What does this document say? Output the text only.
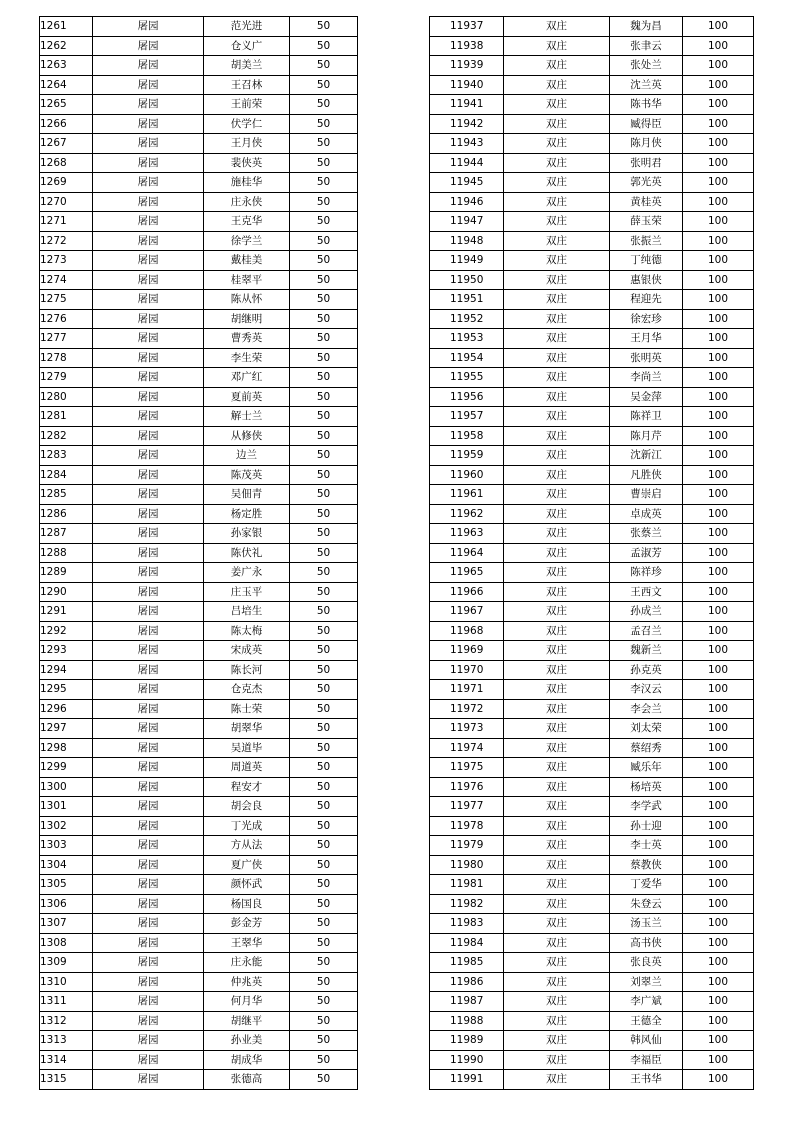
1261	屠园	范光进	50
1262	屠园	仓义广	50
1263	屠园	胡美兰	50
1264	屠园	王召林	50
1265	屠园	王前荣	50
1266	屠园	伏学仁	50
1267	屠园	王月侠	50
1268	屠园	裴侠英	50
1269	屠园	施桂华	50
1270	屠园	庄永侠	50
1271	屠园	王克华	50
1272	屠园	徐学兰	50
1273	屠园	戴桂美	50
1274	屠园	桂翠平	50
1275	屠园	陈从怀	50
1276	屠园	胡继明	50
1277	屠园	曹秀英	50
1278	屠园	李生荣	50
1279	屠园	邓广红	50
1280	屠园	夏前英	50
1281	屠园	解士兰	50
1282	屠园	从修侠	50
1283	屠园	边兰	50
1284	屠园	陈茂英	50
1285	屠园	吴佃青	50
1286	屠园	杨定胜	50
1287	屠园	孙家银	50
1288	屠园	陈伏礼	50
1289	屠园	姜广永	50
1290	屠园	庄玉平	50
1291	屠园	吕培生	50
1292	屠园	陈太梅	50
1293	屠园	宋成英	50
1294	屠园	陈长河	50
1295	屠园	仓克杰	50
1296	屠园	陈士荣	50
1297	屠园	胡翠华	50
1298	屠园	吴道毕	50
1299	屠园	周道英	50
1300	屠园	程安才	50
1301	屠园	胡会良	50
1302	屠园	丁光成	50
1303	屠园	方从法	50
1304	屠园	夏广侠	50
1305	屠园	颜怀武	50
1306	屠园	杨国良	50
1307	屠园	彭金芳	50
1308	屠园	王翠华	50
1309	屠园	庄永能	50
1310	屠园	仲兆英	50
1311	屠园	何月华	50
1312	屠园	胡继平	50
1313	屠园	孙业美	50
1314	屠园	胡成华	50
1315	屠园	张德高	50
11937	双庄	魏为昌	100
11938	双庄	张聿云	100
11939	双庄	张处兰	100
11940	双庄	沈兰英	100
11941	双庄	陈书华	100
11942	双庄	臧得臣	100
11943	双庄	陈月侠	100
11944	双庄	张明君	100
11945	双庄	郭光英	100
11946	双庄	黄桂英	100
11947	双庄	薛玉荣	100
11948	双庄	张振兰	100
11949	双庄	丁纯德	100
11950	双庄	惠银侠	100
11951	双庄	程迎先	100
11952	双庄	徐宏珍	100
11953	双庄	王月华	100
11954	双庄	张明英	100
11955	双庄	李尚兰	100
11956	双庄	吴金萍	100
11957	双庄	陈祥卫	100
11958	双庄	陈月芹	100
11959	双庄	沈新江	100
11960	双庄	凡胜侠	100
11961	双庄	曹崇启	100
11962	双庄	卓成英	100
11963	双庄	张蔡兰	100
11964	双庄	孟淑芳	100
11965	双庄	陈祥珍	100
11966	双庄	王西文	100
11967	双庄	孙成兰	100
11968	双庄	孟召兰	100
11969	双庄	魏新兰	100
11970	双庄	孙克英	100
11971	双庄	李汉云	100
11972	双庄	李会兰	100
11973	双庄	刘太荣	100
11974	双庄	蔡绍秀	100
11975	双庄	臧乐年	100
11976	双庄	杨培英	100
11977	双庄	李学武	100
11978	双庄	孙士迎	100
11979	双庄	李士英	100
11980	双庄	蔡教侠	100
11981	双庄	丁爱华	100
11982	双庄	朱登云	100
11983	双庄	汤玉兰	100
11984	双庄	高书侠	100
11985	双庄	张良英	100
11986	双庄	刘翠兰	100
11987	双庄	李广斌	100
11988	双庄	王德全	100
11989	双庄	韩风仙	100
11990	双庄	李福臣	100
11991	双庄	王书华	100
